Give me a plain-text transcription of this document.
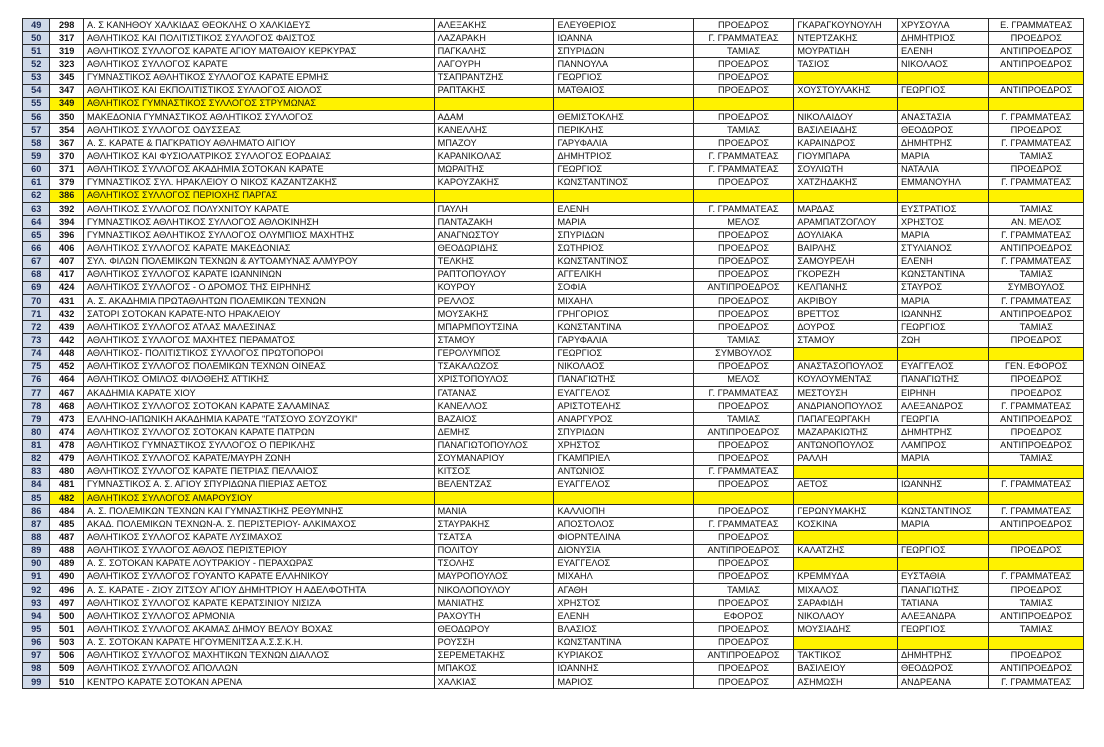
49	298	Α. Σ ΚΑΝΗΘΟΥ ΧΑΛΚΙΔΑΣ ΘΕΟΚΛΗΣ Ο ΧΑΛΚΙΔΕΥΣ	ΑΛΕΞΑΚΗΣ	ΕΛΕΥΘΕΡΙΟΣ	ΠΡΟΕΔΡΟΣ	ΓΚΑΡΑΓΚΟΥΝΟΥΛΗ	ΧΡΥΣΟΥΛΑ	Ε. ΓΡΑΜΜΑΤΕΑΣ
50	317	ΑΘΛΗΤΙΚΟΣ ΚΑΙ ΠΟΛΙΤΙΣΤΙΚΟΣ ΣΥΛΛΟΓΟΣ ΦΑΙΣΤΟΣ	ΛΑΖΑΡΑΚΗ	ΙΩΑΝΝΑ	Γ. ΓΡΑΜΜΑΤΕΑΣ	ΝΤΕΡΤΖΑΚΗΣ	ΔΗΜΗΤΡΙΟΣ	ΠΡΟΕΔΡΟΣ
51	319	ΑΘΛΗΤΙΚΟΣ ΣΥΛΛΟΓΟΣ ΚΑΡΑΤΕ ΑΓΙΟΥ ΜΑΤΘΑΙΟΥ ΚΕΡΚΥΡΑΣ	ΠΑΓΚΑΛΗΣ	ΣΠΥΡΙΔΩΝ	ΤΑΜΙΑΣ	ΜΟΥΡΑΤΙΔΗ	ΕΛΕΝΗ	ΑΝΤΙΠΡΟΕΔΡΟΣ
52	323	ΑΘΛΗΤΙΚΟΣ ΣΥΛΛΟΓΟΣ ΚΑΡΑΤΕ	ΛΑΓΟΥΡΗ	ΠΑΝΝΟΥΛΑ	ΠΡΟΕΔΡΟΣ	ΤΑΣΙΟΣ	ΝΙΚΟΛΑΟΣ	ΑΝΤΙΠΡΟΕΔΡΟΣ
53	345	ΓΥΜΝΑΣΤΙΚΟΣ ΑΘΛΗΤΙΚΟΣ ΣΥΛΛΟΓΟΣ ΚΑΡΑΤΕ ΕΡΜΗΣ	ΤΣΑΠΡΑΝΤΖΗΣ	ΓΕΩΡΓΙΟΣ	ΠΡΟΕΔΡΟΣ			
54	347	ΑΘΛΗΤΙΚΟΣ ΚΑΙ ΕΚΠΟΛΙΤΙΣΤΙΚΟΣ ΣΥΛΛΟΓΟΣ ΑΙΟΛΟΣ	ΡΑΠΤΑΚΗΣ	ΜΑΤΘΑΙΟΣ	ΠΡΟΕΔΡΟΣ	ΧΟΥΣΤΟΥΛΑΚΗΣ	ΓΕΩΡΓΙΟΣ	ΑΝΤΙΠΡΟΕΔΡΟΣ
55	349	ΑΘΛΗΤΙΚΟΣ ΓΥΜΝΑΣΤΙΚΟΣ ΣΥΛΛΟΓΟΣ ΣΤΡΥΜΩΝΑΣ						
56	350	ΜΑΚΕΔΟΝΙΑ ΓΥΜΝΑΣΤΙΚΟΣ ΑΘΛΗΤΙΚΟΣ ΣΥΛΛΟΓΟΣ	ΑΔΑΜ	ΘΕΜΙΣΤΟΚΛΗΣ	ΠΡΟΕΔΡΟΣ	ΝΙΚΟΛΑΙΔΟΥ	ΑΝΑΣΤΑΣΙΑ	Γ. ΓΡΑΜΜΑΤΕΑΣ
57	354	ΑΘΛΗΤΙΚΟΣ ΣΥΛΛΟΓΟΣ ΟΔΥΣΣΕΑΣ	ΚΑΝΕΛΛΗΣ	ΠΕΡΙΚΛΗΣ	ΤΑΜΙΑΣ	ΒΑΣΙΛΕΙΑΔΗΣ	ΘΕΟΔΩΡΟΣ	ΠΡΟΕΔΡΟΣ
58	367	Α. Σ. ΚΑΡΑΤΕ & ΠΑΓΚΡΑΤΙΟΥ ΑΘΛΗΜΑΤΟ ΑΙΓΙΟΥ	ΜΠΑΖΟΥ	ΓΑΡΥΦΑΛΙΑ	ΠΡΟΕΔΡΟΣ	ΚΑΡΑΙΝΔΡΟΣ	ΔΗΜΗΤΡΗΣ	Γ. ΓΡΑΜΜΑΤΕΑΣ
59	370	ΑΘΛΗΤΙΚΟΣ ΚΑΙ ΦΥΣΙΟΛΑΤΡΙΚΟΣ ΣΥΛΛΟΓΟΣ ΕΟΡΔΑΙΑΣ	ΚΑΡΑΝΙΚΟΛΑΣ	ΔΗΜΗΤΡΙΟΣ	Γ. ΓΡΑΜΜΑΤΕΑΣ	ΓΙΟΥΜΠΑΡΑ	ΜΑΡΙΑ	ΤΑΜΙΑΣ
60	371	ΑΘΛΗΤΙΚΟΣ ΣΥΛΛΟΓΟΣ ΑΚΑΔΗΜΙΑ ΣΟΤΟΚΑΝ ΚΑΡΑΤΕ	ΜΩΡΑΙΤΗΣ	ΓΕΩΡΓΙΟΣ	Γ. ΓΡΑΜΜΑΤΕΑΣ	ΣΟΥΛΙΩΤΗ	ΝΑΤΑΛΙΑ	ΠΡΟΕΔΡΟΣ
61	379	ΓΥΜΝΑΣΤΙΚΟΣ ΣΥΛ. ΗΡΑΚΛΕΙΟΥ Ο ΝΙΚΟΣ ΚΑΖΑΝΤΖΑΚΗΣ	ΚΑΡΟΥΖΑΚΗΣ	ΚΩΝΣΤΑΝΤΙΝΟΣ	ΠΡΟΕΔΡΟΣ	ΧΑΤΖΗΔΑΚΗΣ	ΕΜΜΑΝΟΥΗΛ	Γ. ΓΡΑΜΜΑΤΕΑΣ
62	386	ΑΘΛΗΤΙΚΟΣ ΣΥΛΛΟΓΟΣ ΠΕΡΙΟΧΗΣ ΠΑΡΓΑΣ						
63	392	ΑΘΛΗΤΙΚΟΣ ΣΥΛΛΟΓΟΣ ΠΟΛΥΧΝΙΤΟΥ ΚΑΡΑΤΕ	ΠΑΥΛΗ	ΕΛΕΝΗ	Γ. ΓΡΑΜΜΑΤΕΑΣ	ΜΑΡΔΑΣ	ΕΥΣΤΡΑΤΙΟΣ	ΤΑΜΙΑΣ
64	394	ΓΥΜΝΑΣΤΙΚΟΣ ΑΘΛΗΤΙΚΟΣ ΣΥΛΛΟΓΟΣ ΑΘΛΟΚΙΝΗΣΗ	ΠΑΝΤΑΖΑΚΗ	ΜΑΡΙΑ	ΜΕΛΟΣ	ΑΡΑΜΠΑΤΖΟΓΛΟΥ	ΧΡΗΣΤΟΣ	ΑΝ. ΜΕΛΟΣ
65	396	ΓΥΜΝΑΣΤΙΚΟΣ ΑΘΛΗΤΙΚΟΣ ΣΥΛΛΟΓΟΣ ΟΛΥΜΠΙΟΣ ΜΑΧΗΤΗΣ	ΑΝΑΓΝΩΣΤΟΥ	ΣΠΥΡΙΔΩΝ	ΠΡΟΕΔΡΟΣ	ΔΟΥΛΙΑΚΑ	ΜΑΡΙΑ	Γ. ΓΡΑΜΜΑΤΕΑΣ
66	406	ΑΘΛΗΤΙΚΟΣ ΣΥΛΛΟΓΟΣ ΚΑΡΑΤΕ ΜΑΚΕΔΟΝΙΑΣ	ΘΕΟΔΩΡΙΔΗΣ	ΣΩΤΗΡΙΟΣ	ΠΡΟΕΔΡΟΣ	ΒΑΙΡΛΗΣ	ΣΤΥΛΙΑΝΟΣ	ΑΝΤΙΠΡΟΕΔΡΟΣ
67	407	ΣΥΛ. ΦΙΛΩΝ ΠΟΛΕΜΙΚΩΝ ΤΕΧΝΩΝ & ΑΥΤΟΑΜΥΝΑΣ ΑΛΜΥΡΟΥ	ΤΕΛΚΗΣ	ΚΩΝΣΤΑΝΤΙΝΟΣ	ΠΡΟΕΔΡΟΣ	ΣΑΜΟΥΡΕΛΗ	ΕΛΕΝΗ	Γ. ΓΡΑΜΜΑΤΕΑΣ
68	417	ΑΘΛΗΤΙΚΟΣ ΣΥΛΛΟΓΟΣ ΚΑΡΑΤΕ ΙΩΑΝΝΙΝΩΝ	ΡΑΠΤΟΠΟΥΛΟΥ	ΑΓΓΕΛΙΚΗ	ΠΡΟΕΔΡΟΣ	ΓΚΟΡΕΖΗ	ΚΩΝΣΤΑΝΤΙΝΑ	ΤΑΜΙΑΣ
69	424	ΑΘΛΗΤΙΚΟΣ ΣΥΛΛΟΓΟΣ - Ο ΔΡΟΜΟΣ ΤΗΣ ΕΙΡΗΝΗΣ	ΚΟΥΡΟΥ	ΣΟΦΙΑ	ΑΝΤΙΠΡΟΕΔΡΟΣ	ΚΕΛΠΑΝΗΣ	ΣΤΑΥΡΟΣ	ΣΥΜΒΟΥΛΟΣ
70	431	Α. Σ. ΑΚΑΔΗΜΙΑ ΠΡΩΤΑΘΛΗΤΩΝ ΠΟΛΕΜΙΚΩΝ ΤΕΧΝΩΝ	ΡΕΛΛΟΣ	ΜΙΧΑΗΛ	ΠΡΟΕΔΡΟΣ	ΑΚΡΙΒΟΥ	ΜΑΡΙΑ	Γ. ΓΡΑΜΜΑΤΕΑΣ
71	432	ΣΑΤΟΡΙ ΣΟΤΟΚΑΝ ΚΑΡΑΤΕ-ΝΤΟ ΗΡΑΚΛΕΙΟΥ	ΜΟΥΣΑΚΗΣ	ΓΡΗΓΟΡΙΟΣ	ΠΡΟΕΔΡΟΣ	ΒΡΕΤΤΟΣ	ΙΩΑΝΝΗΣ	ΑΝΤΙΠΡΟΕΔΡΟΣ
72	439	ΑΘΛΗΤΙΚΟΣ ΣΥΛΛΟΓΟΣ ΑΤΛΑΣ ΜΑΛΕΣΙΝΑΣ	ΜΠΑΡΜΠΟΥΤΣΙΝΑ	ΚΩΝΣΤΑΝΤΙΝΑ	ΠΡΟΕΔΡΟΣ	ΔΟΥΡΟΣ	ΓΕΩΡΓΙΟΣ	ΤΑΜΙΑΣ
73	442	ΑΘΛΗΤΙΚΟΣ ΣΥΛΛΟΓΟΣ ΜΑΧΗΤΕΣ ΠΕΡΑΜΑΤΟΣ	ΣΤΑΜΟΥ	ΓΑΡΥΦΑΛΙΑ	ΤΑΜΙΑΣ	ΣΤΑΜΟΥ	ΖΩΗ	ΠΡΟΕΔΡΟΣ
74	448	ΑΘΛΗΤΙΚΟΣ- ΠΟΛΙΤΙΣΤΙΚΟΣ ΣΥΛΛΟΓΟΣ ΠΡΩΤΟΠΟΡΟΙ	ΓΕΡΟΛΥΜΠΟΣ	ΓΕΩΡΓΙΟΣ	ΣΥΜΒΟΥΛΟΣ			
75	452	ΑΘΛΗΤΙΚΟΣ ΣΥΛΛΟΓΟΣ ΠΟΛΕΜΙΚΩΝ ΤΕΧΝΩΝ ΟΙΝΕΑΣ	ΤΣΑΚΑΛΩΖΟΣ	ΝΙΚΟΛΑΟΣ	ΠΡΟΕΔΡΟΣ	ΑΝΑΣΤΑΣΟΠΟΥΛΟΣ	ΕΥΑΓΓΕΛΟΣ	ΓΕΝ. ΕΦΟΡΟΣ
76	464	ΑΘΛΗΤΙΚΟΣ ΟΜΙΛΟΣ ΦΙΛΟΘΕΗΣ ΑΤΤΙΚΗΣ	ΧΡΙΣΤΟΠΟΥΛΟΣ	ΠΑΝΑΓΙΩΤΗΣ	ΜΕΛΟΣ	ΚΟΥΛΟΥΜΕΝΤΑΣ	ΠΑΝΑΓΙΩΤΗΣ	ΠΡΟΕΔΡΟΣ
77	467	ΑΚΑΔΗΜΙΑ ΚΑΡΑΤΕ ΧΙΟΥ	ΓΑΤΑΝΑΣ	ΕΥΑΓΓΕΛΟΣ	Γ. ΓΡΑΜΜΑΤΕΑΣ	ΜΕΣΤΟΥΣΗ	ΕΙΡΗΝΗ	ΠΡΟΕΔΡΟΣ
78	468	ΑΘΛΗΤΙΚΟΣ ΣΥΛΛΟΓΟΣ ΣΟΤΟΚΑΝ ΚΑΡΑΤΕ ΣΑΛΑΜΙΝΑΣ	ΚΑΝΕΛΛΟΣ	ΑΡΙΣΤΟΤΕΛΗΣ	ΠΡΟΕΔΡΟΣ	ΑΝΔΡΙΑΝΟΠΟΥΛΟΣ	ΑΛΕΞΑΝΔΡΟΣ	Γ. ΓΡΑΜΜΑΤΕΑΣ
79	473	ΕΛΛΗΝΟ-ΙΑΠΩΝΙΚΗ ΑΚΑΔΗΜΙΑ ΚΑΡΑΤΕ "ΓΑΤΣΟΥΟ ΣΟΥΖΟΥΚΙ"	ΒΑΖΑΙΟΣ	ΑΝΑΡΓΥΡΟΣ	ΤΑΜΙΑΣ	ΠΑΠΑΓΕΩΡΓΑΚΗ	ΓΕΩΡΓΙΑ	ΑΝΤΙΠΡΟΕΔΡΟΣ
80	474	ΑΘΛΗΤΙΚΟΣ ΣΥΛΛΟΓΟΣ ΣΟΤΟΚΑΝ ΚΑΡΑΤΕ ΠΑΤΡΩΝ	ΔΕΜΗΣ	ΣΠΥΡΙΔΩΝ	ΑΝΤΙΠΡΟΕΔΡΟΣ	ΜΑΖΑΡΑΚΙΩΤΗΣ	ΔΗΜΗΤΡΗΣ	ΠΡΟΕΔΡΟΣ
81	478	ΑΘΛΗΤΙΚΟΣ ΓΥΜΝΑΣΤΙΚΟΣ ΣΥΛΛΟΓΟΣ Ο ΠΕΡΙΚΛΗΣ	ΠΑΝΑΓΙΩΤΟΠΟΥΛΟΣ	ΧΡΗΣΤΟΣ	ΠΡΟΕΔΡΟΣ	ΑΝΤΩΝΟΠΟΥΛΟΣ	ΛΑΜΠΡΟΣ	ΑΝΤΙΠΡΟΕΔΡΟΣ
82	479	ΑΘΛΗΤΙΚΟΣ ΣΥΛΛΟΓΟΣ ΚΑΡΑΤΕ/ΜΑΥΡΗ ΖΩΝΗ	ΣΟΥΜΑΝΑΡΙΟΥ	ΓΚΑΜΠΡΙΕΛ	ΠΡΟΕΔΡΟΣ	ΡΑΛΛΗ	ΜΑΡΙΑ	ΤΑΜΙΑΣ
83	480	ΑΘΛΗΤΙΚΟΣ ΣΥΛΛΟΓΟΣ ΚΑΡΑΤΕ ΠΕΤΡΙΑΣ ΠΕΛΛΑΙΟΣ	ΚΙΤΣΟΣ	ΑΝΤΩΝΙΟΣ	Γ. ΓΡΑΜΜΑΤΕΑΣ			
84	481	ΓΥΜΝΑΣΤΙΚΟΣ Α. Σ. ΑΓΙΟΥ ΣΠΥΡΙΔΩΝΑ ΠΙΕΡΙΑΣ ΑΕΤΟΣ	ΒΕΛΕΝΤΖΑΣ	ΕΥΑΓΓΕΛΟΣ	ΠΡΟΕΔΡΟΣ	ΑΕΤΟΣ	ΙΩΑΝΝΗΣ	Γ. ΓΡΑΜΜΑΤΕΑΣ
85	482	ΑΘΛΗΤΙΚΟΣ ΣΥΛΛΟΓΟΣ ΑΜΑΡΟΥΣΙΟΥ						
86	484	Α. Σ. ΠΟΛΕΜΙΚΩΝ ΤΕΧΝΩΝ ΚΑΙ ΓΥΜΝΑΣΤΙΚΗΣ ΡΕΘΥΜΝΗΣ	ΜΑΝΙΑ	ΚΑΛΛΙΟΠΗ	ΠΡΟΕΔΡΟΣ	ΓΕΡΩΝΥΜΑΚΗΣ	ΚΩΝΣΤΑΝΤΙΝΟΣ	Γ. ΓΡΑΜΜΑΤΕΑΣ
87	485	ΑΚΑΔ. ΠΟΛΕΜΙΚΩΝ ΤΕΧΝΩΝ-Α. Σ. ΠΕΡΙΣΤΕΡΙΟΥ- ΑΛΚΙΜΑΧΟΣ	ΣΤΑΥΡΑΚΗΣ	ΑΠΟΣΤΟΛΟΣ	Γ. ΓΡΑΜΜΑΤΕΑΣ	ΚΟΣΚΙΝΑ	ΜΑΡΙΑ	ΑΝΤΙΠΡΟΕΔΡΟΣ
88	487	ΑΘΛΗΤΙΚΟΣ ΣΥΛΛΟΓΟΣ ΚΑΡΑΤΕ ΛΥΣΙΜΑΧΟΣ	ΤΣΑΤΣΑ	ΦΙΟΡΝΤΕΛΙΝΑ	ΠΡΟΕΔΡΟΣ			
89	488	ΑΘΛΗΤΙΚΟΣ ΣΥΛΛΟΓΟΣ ΑΘΛΟΣ ΠΕΡΙΣΤΕΡΙΟΥ	ΠΟΛΙΤΟΥ	ΔΙΟΝΥΣΙΑ	ΑΝΤΙΠΡΟΕΔΡΟΣ	ΚΑΛΑΤΖΗΣ	ΓΕΩΡΓΙΟΣ	ΠΡΟΕΔΡΟΣ
90	489	Α. Σ. ΣΟΤΟΚΑΝ ΚΑΡΑΤΕ ΛΟΥΤΡΑΚΙΟΥ - ΠΕΡΑΧΩΡΑΣ	ΤΣΟΛΗΣ	ΕΥΑΓΓΕΛΟΣ	ΠΡΟΕΔΡΟΣ			
91	490	ΑΘΛΗΤΙΚΟΣ ΣΥΛΛΟΓΟΣ ΓΟΥΑΝΤΟ ΚΑΡΑΤΕ ΕΛΛΗΝΙΚΟΥ	ΜΑΥΡΟΠΟΥΛΟΣ	ΜΙΧΑΗΛ	ΠΡΟΕΔΡΟΣ	ΚΡΕΜΜΥΔΑ	ΕΥΣΤΑΘΙΑ	Γ. ΓΡΑΜΜΑΤΕΑΣ
92	496	Α. Σ. ΚΑΡΑΤΕ - ΖΙΟΥ ΖΙΤΣΟΥ ΑΓΙΟΥ ΔΗΜΗΤΡΙΟΥ Η ΑΔΕΛΦΟΤΗΤΑ	ΝΙΚΟΛΟΠΟΥΛΟΥ	ΑΓΑΘΗ	ΤΑΜΙΑΣ	ΜΙΧΑΛΟΣ	ΠΑΝΑΓΙΩΤΗΣ	ΠΡΟΕΔΡΟΣ
93	497	ΑΘΛΗΤΙΚΟΣ ΣΥΛΛΟΓΟΣ ΚΑΡΑΤΕ ΚΕΡΑΤΣΙΝΙΟΥ ΝΙΣΙΖΑ	ΜΑΝΙΑΤΗΣ	ΧΡΗΣΤΟΣ	ΠΡΟΕΔΡΟΣ	ΣΑΡΑΦΙΔΗ	ΤΑΤΙΑΝΑ	ΤΑΜΙΑΣ
94	500	ΑΘΛΗΤΙΚΟΣ ΣΥΛΛΟΓΟΣ ΑΡΜΟΝΙΑ	ΡΑΧΟΥΤΗ	ΕΛΕΝΗ	ΕΦΟΡΟΣ	ΝΙΚΟΛΑΟΥ	ΑΛΕΞΑΝΔΡΑ	ΑΝΤΙΠΡΟΕΔΡΟΣ
95	501	ΑΘΛΗΤΙΚΟΣ ΣΥΛΛΟΓΟΣ ΑΚΑΜΑΣ ΔΗΜΟΥ ΒΕΛΟΥ ΒΟΧΑΣ	ΘΕΟΔΩΡΟΥ	ΒΛΑΣΙΟΣ	ΠΡΟΕΔΡΟΣ	ΜΟΥΣΙΑΔΗΣ	ΓΕΩΡΓΙΟΣ	ΤΑΜΙΑΣ
96	503	Α. Σ. ΣΟΤΟΚΑΝ ΚΑΡΑΤΕ ΗΓΟΥΜΕΝΙΤΣΑ Α.Σ.Σ.Κ.Η.	ΡΟΥΣΣΗ	ΚΩΝΣΤΑΝΤΙΝΑ	ΠΡΟΕΔΡΟΣ			
97	506	ΑΘΛΗΤΙΚΟΣ ΣΥΛΛΟΓΟΣ ΜΑΧΗΤΙΚΩΝ ΤΕΧΝΩΝ ΔΙΑΛΛΟΣ	ΣΕΡΕΜΕΤΑΚΗΣ	ΚΥΡΙΑΚΟΣ	ΑΝΤΙΠΡΟΕΔΡΟΣ	ΤΑΚΤΙΚΟΣ	ΔΗΜΗΤΡΗΣ	ΠΡΟΕΔΡΟΣ
98	509	ΑΘΛΗΤΙΚΟΣ ΣΥΛΛΟΓΟΣ ΑΠΟΛΛΩΝ	ΜΠΑΚΟΣ	ΙΩΑΝΝΗΣ	ΠΡΟΕΔΡΟΣ	ΒΑΣΙΛΕΙΟΥ	ΘΕΟΔΩΡΟΣ	ΑΝΤΙΠΡΟΕΔΡΟΣ
99	510	ΚΕΝΤΡΟ ΚΑΡΑΤΕ ΣΟΤΟΚΑΝ ΑΡΕΝΑ	ΧΑΛΚΙΑΣ	ΜΑΡΙΟΣ	ΠΡΟΕΔΡΟΣ	ΑΣΗΜΩΣΗ	ΑΝΔΡΕΑΝΑ	Γ. ΓΡΑΜΜΑΤΕΑΣ
